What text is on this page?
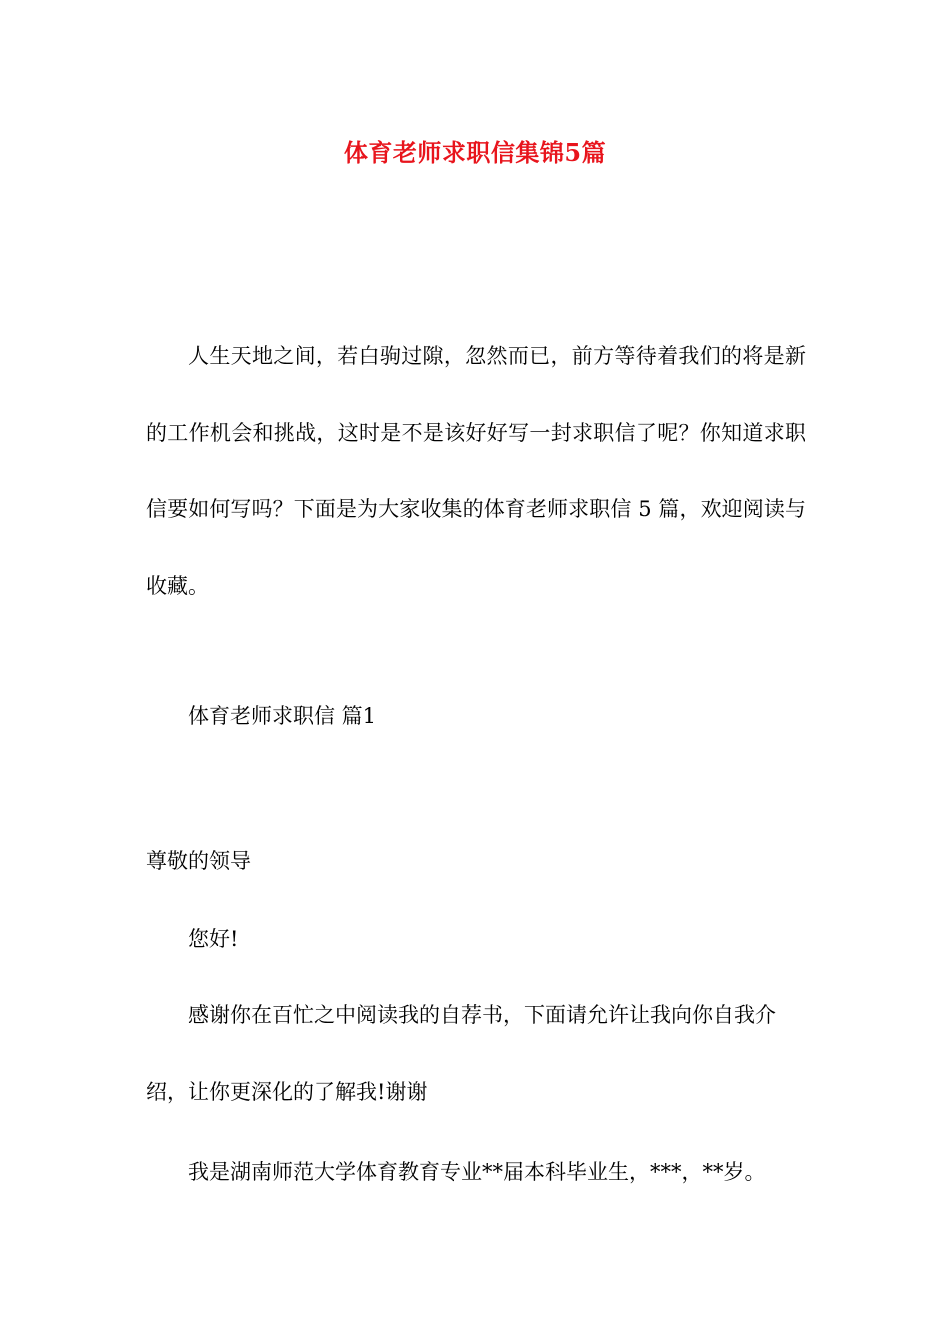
体育老师求职信集锦5篇

人生天地之间，若白驹过隙，忽然而已，前方等待着我们的将是新的工作机会和挑战，这时是不是该好好写一封求职信了呢？你知道求职信要如何写吗？下面是为大家收集的体育老师求职信 5 篇，欢迎阅读与收藏。

体育老师求职信 篇1

尊敬的领导

您好!

感谢你在百忙之中阅读我的自荐书，下面请允许让我向你自我介绍，让你更深化的了解我!谢谢

我是湖南师范大学体育教育专业**届本科毕业生，***，**岁。
